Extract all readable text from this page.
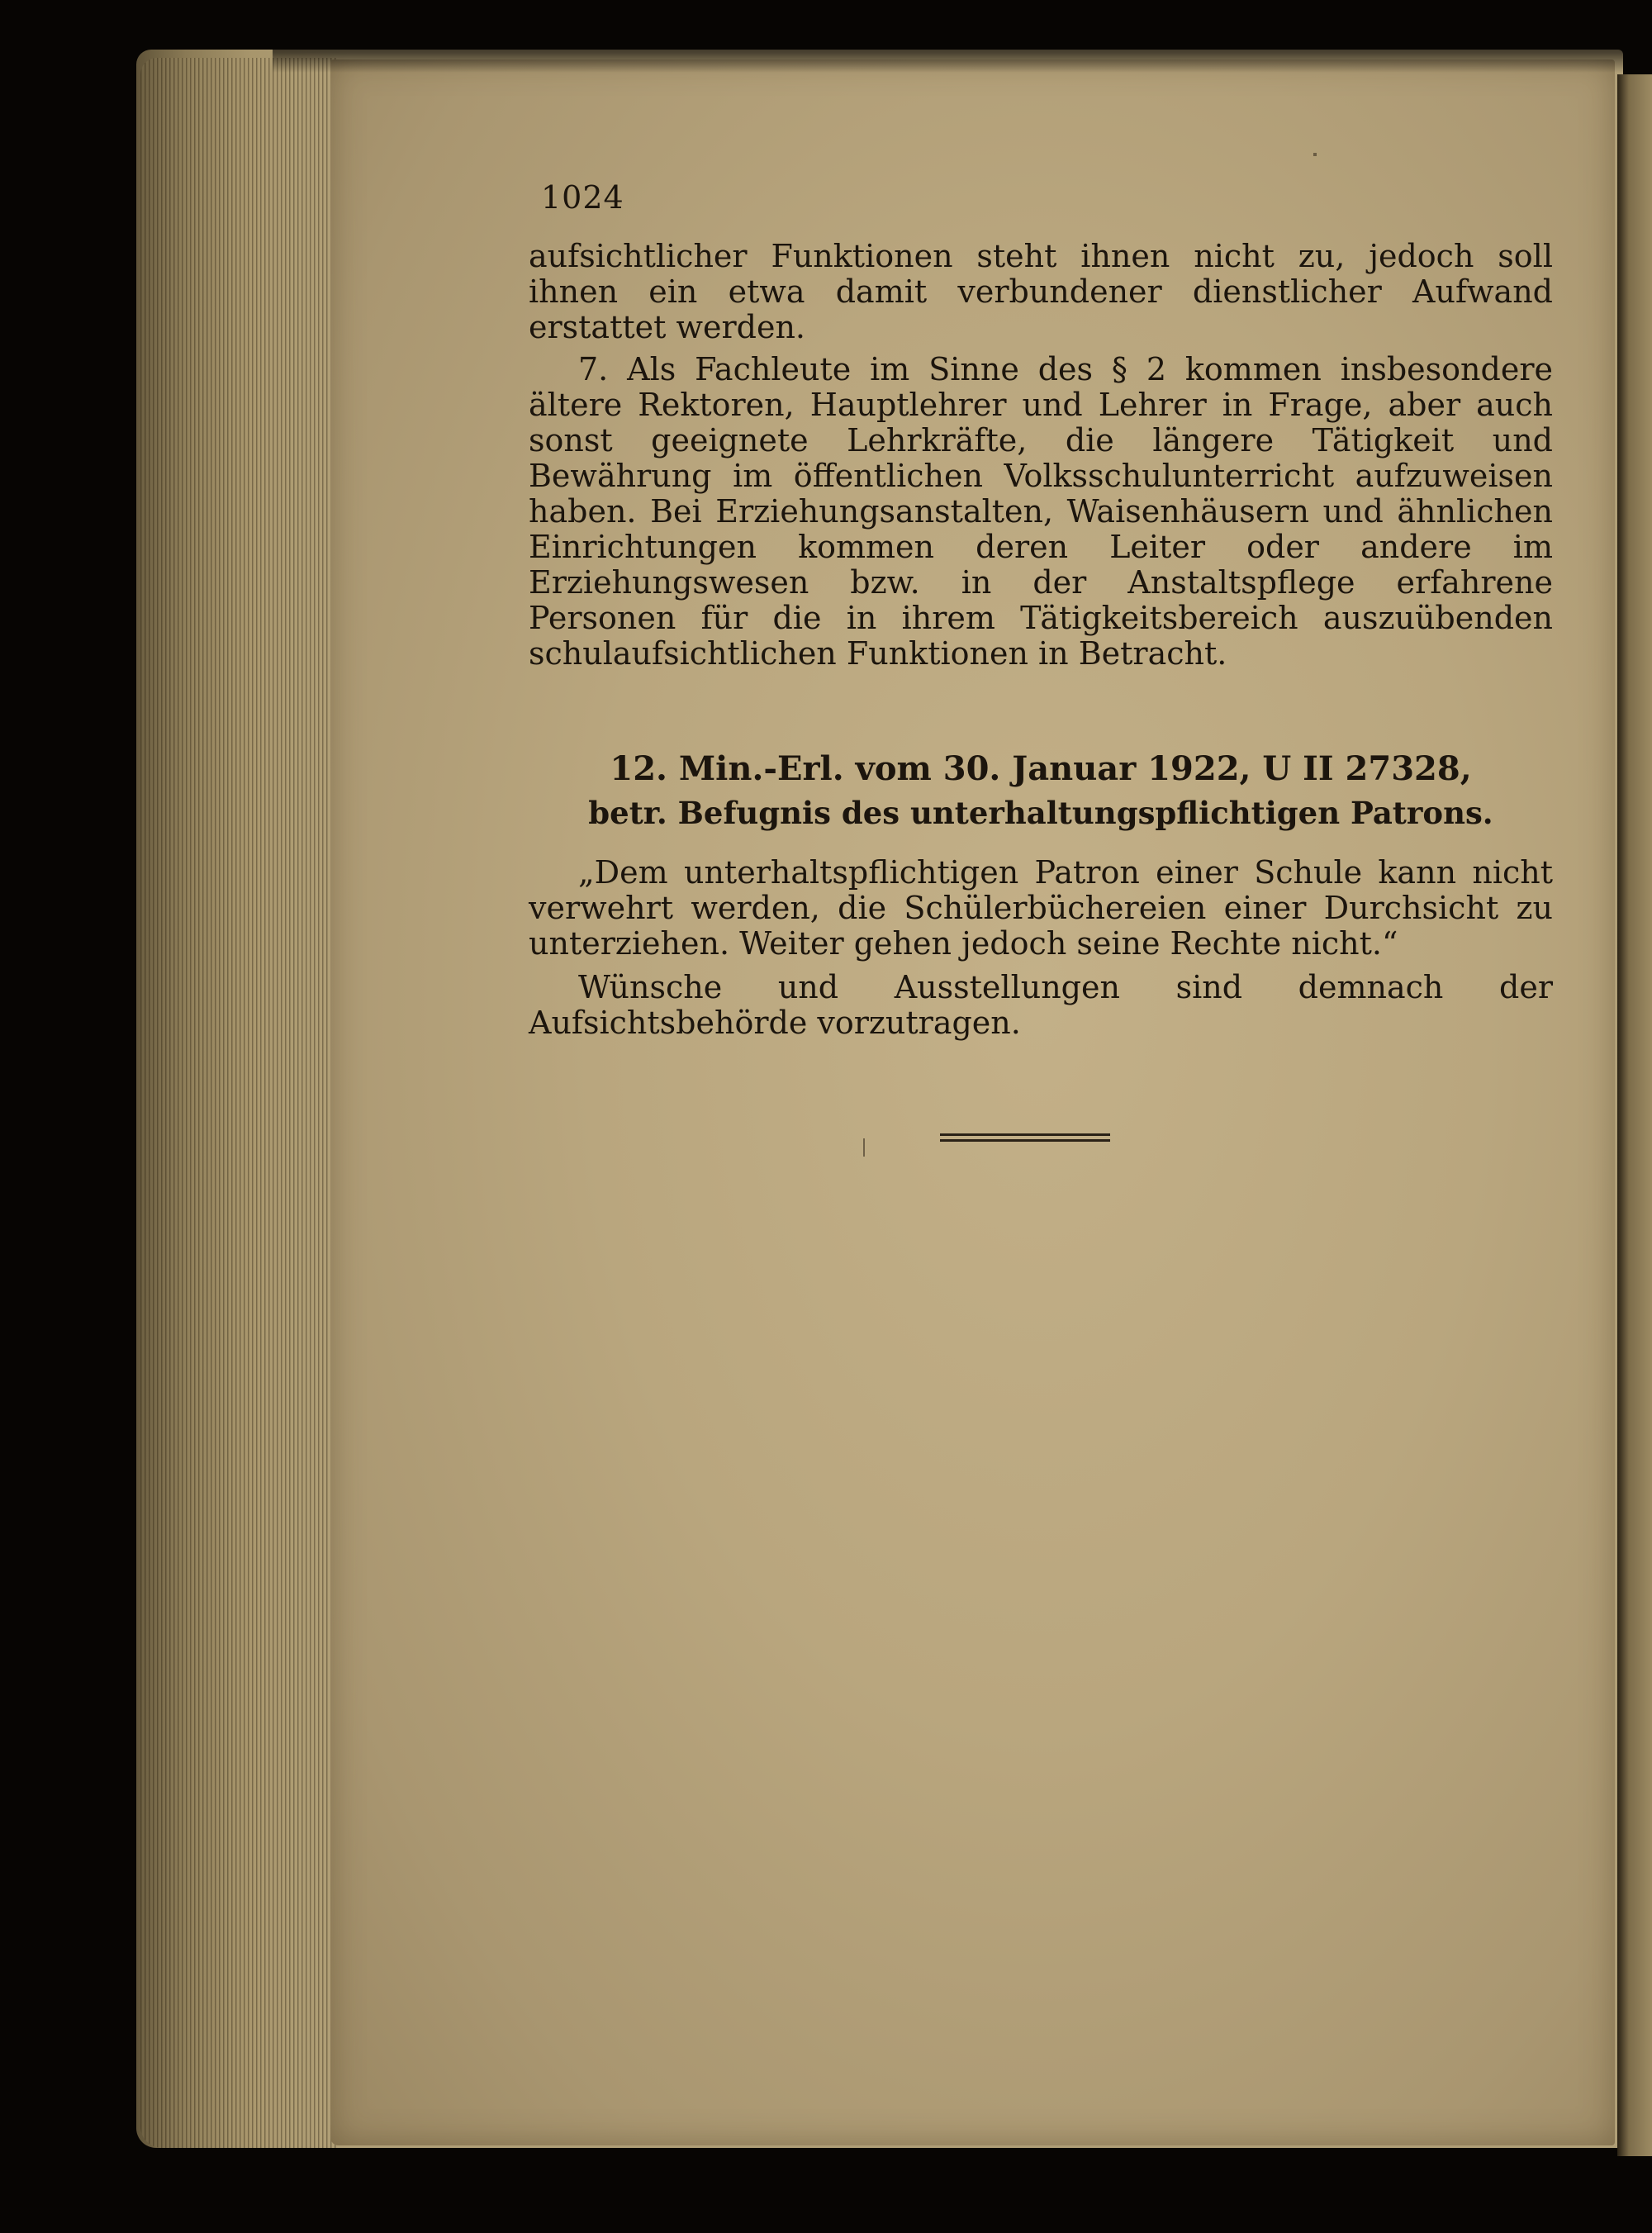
1024

aufsichtlicher Funktionen steht ihnen nicht zu, jedoch soll ihnen ein etwa damit verbundener dienstlicher Aufwand erstattet werden.

7. Als Fachleute im Sinne des § 2 kommen insbesondere ältere Rektoren, Hauptlehrer und Lehrer in Frage, aber auch sonst geeignete Lehrkräfte, die längere Tätigkeit und Bewährung im öffentlichen Volksschulunterricht aufzuweisen haben. Bei Erziehungsanstalten, Waisenhäusern und ähnlichen Einrichtungen kommen deren Leiter oder andere im Erziehungswesen bzw. in der Anstaltspflege erfahrene Personen für die in ihrem Tätigkeitsbereich auszuübenden schulaufsichtlichen Funktionen in Betracht.

12. Min.-Erl. vom 30. Januar 1922, U II 27328,
betr. Befugnis des unterhaltungspflichtigen Patrons.

„Dem unterhaltspflichtigen Patron einer Schule kann nicht verwehrt werden, die Schülerbüchereien einer Durchsicht zu unterziehen. Weiter gehen jedoch seine Rechte nicht.“

Wünsche und Ausstellungen sind demnach der Aufsichtsbehörde vorzutragen.
